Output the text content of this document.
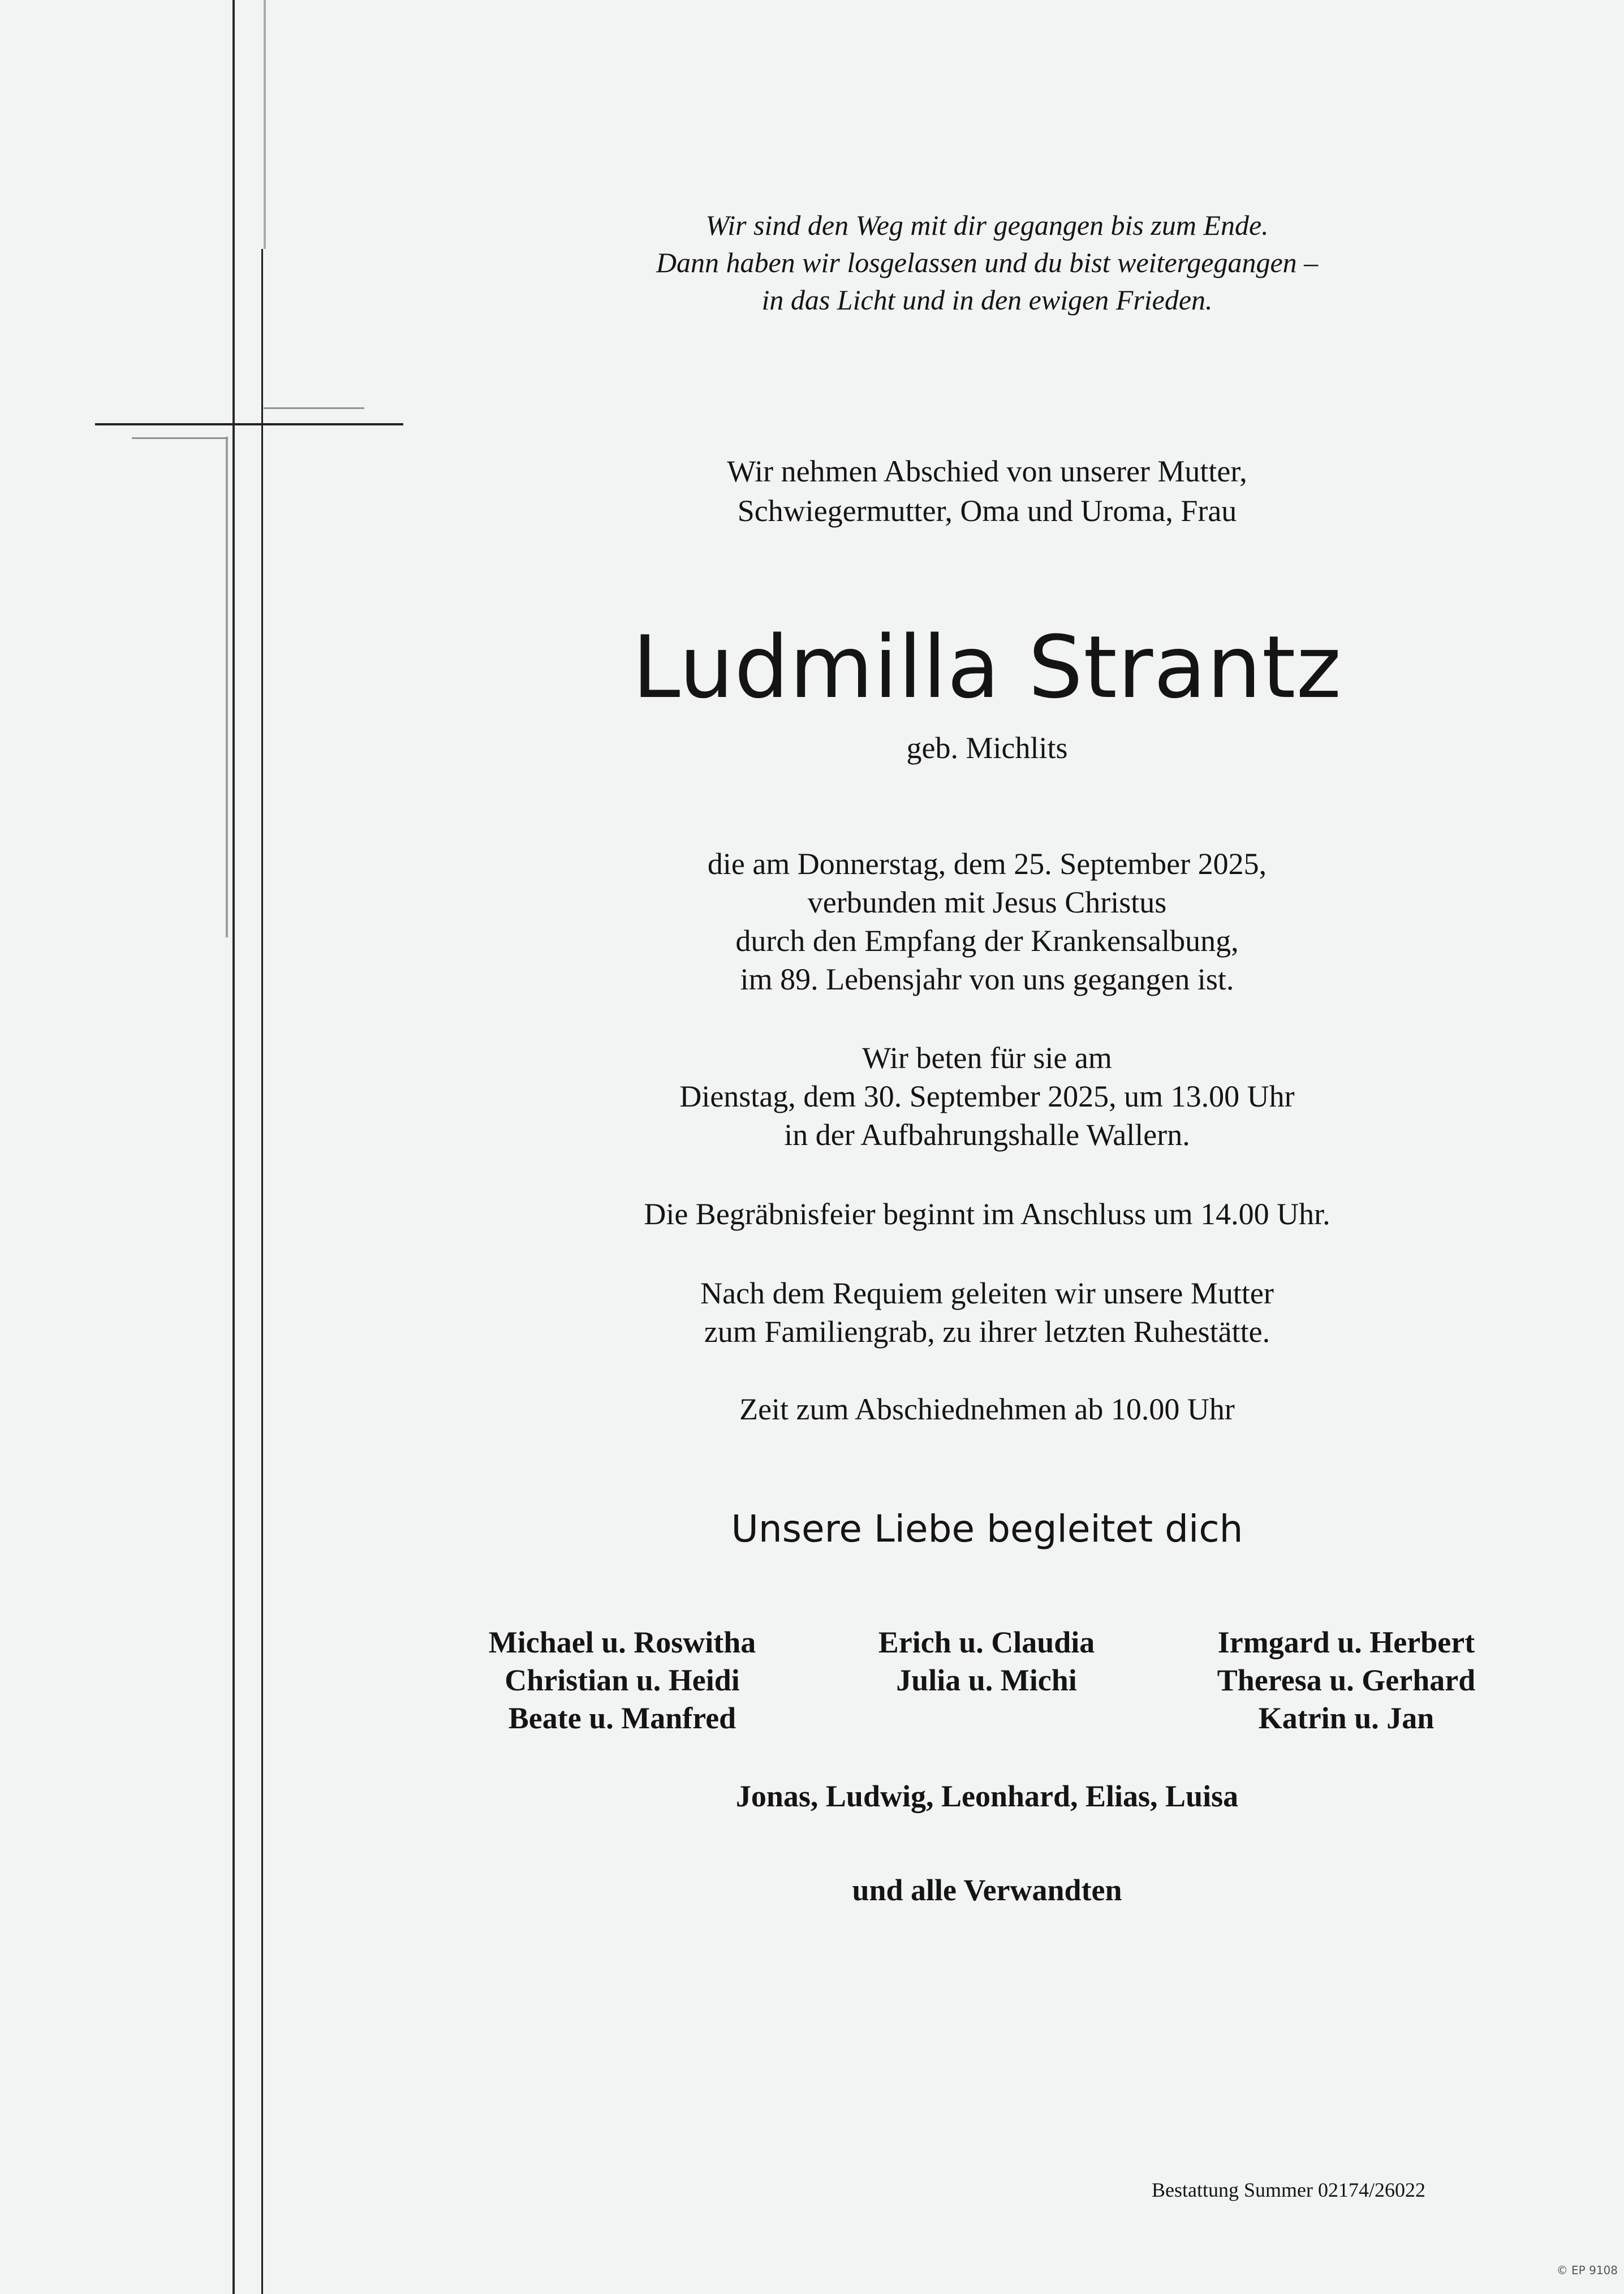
Wir sind den Weg mit dir gegangen bis zum Ende.
Dann haben wir losgelassen und du bist weitergegangen –
in das Licht und in den ewigen Frieden.
Wir nehmen Abschied von unserer Mutter,
Schwiegermutter, Oma und Uroma, Frau
Ludmilla Strantz
geb. Michlits
die am Donnerstag, dem 25. September 2025,
verbunden mit Jesus Christus
durch den Empfang der Krankensalbung,
im 89. Lebensjahr von uns gegangen ist.
Wir beten für sie am
Dienstag, dem 30. September 2025, um 13.00 Uhr
in der Aufbahrungshalle Wallern.
Die Begräbnisfeier beginnt im Anschluss um 14.00 Uhr.
Nach dem Requiem geleiten wir unsere Mutter
zum Familiengrab, zu ihrer letzten Ruhestätte.
Zeit zum Abschiednehmen ab 10.00 Uhr
Unsere Liebe begleitet dich
Michael u. Roswitha
Christian u. Heidi
Beate u. Manfred
Erich u. Claudia
Julia u. Michi
Irmgard u. Herbert
Theresa u. Gerhard
Katrin u. Jan
Jonas, Ludwig, Leonhard, Elias, Luisa
und alle Verwandten
Bestattung Summer 02174/26022
© EP 9108
